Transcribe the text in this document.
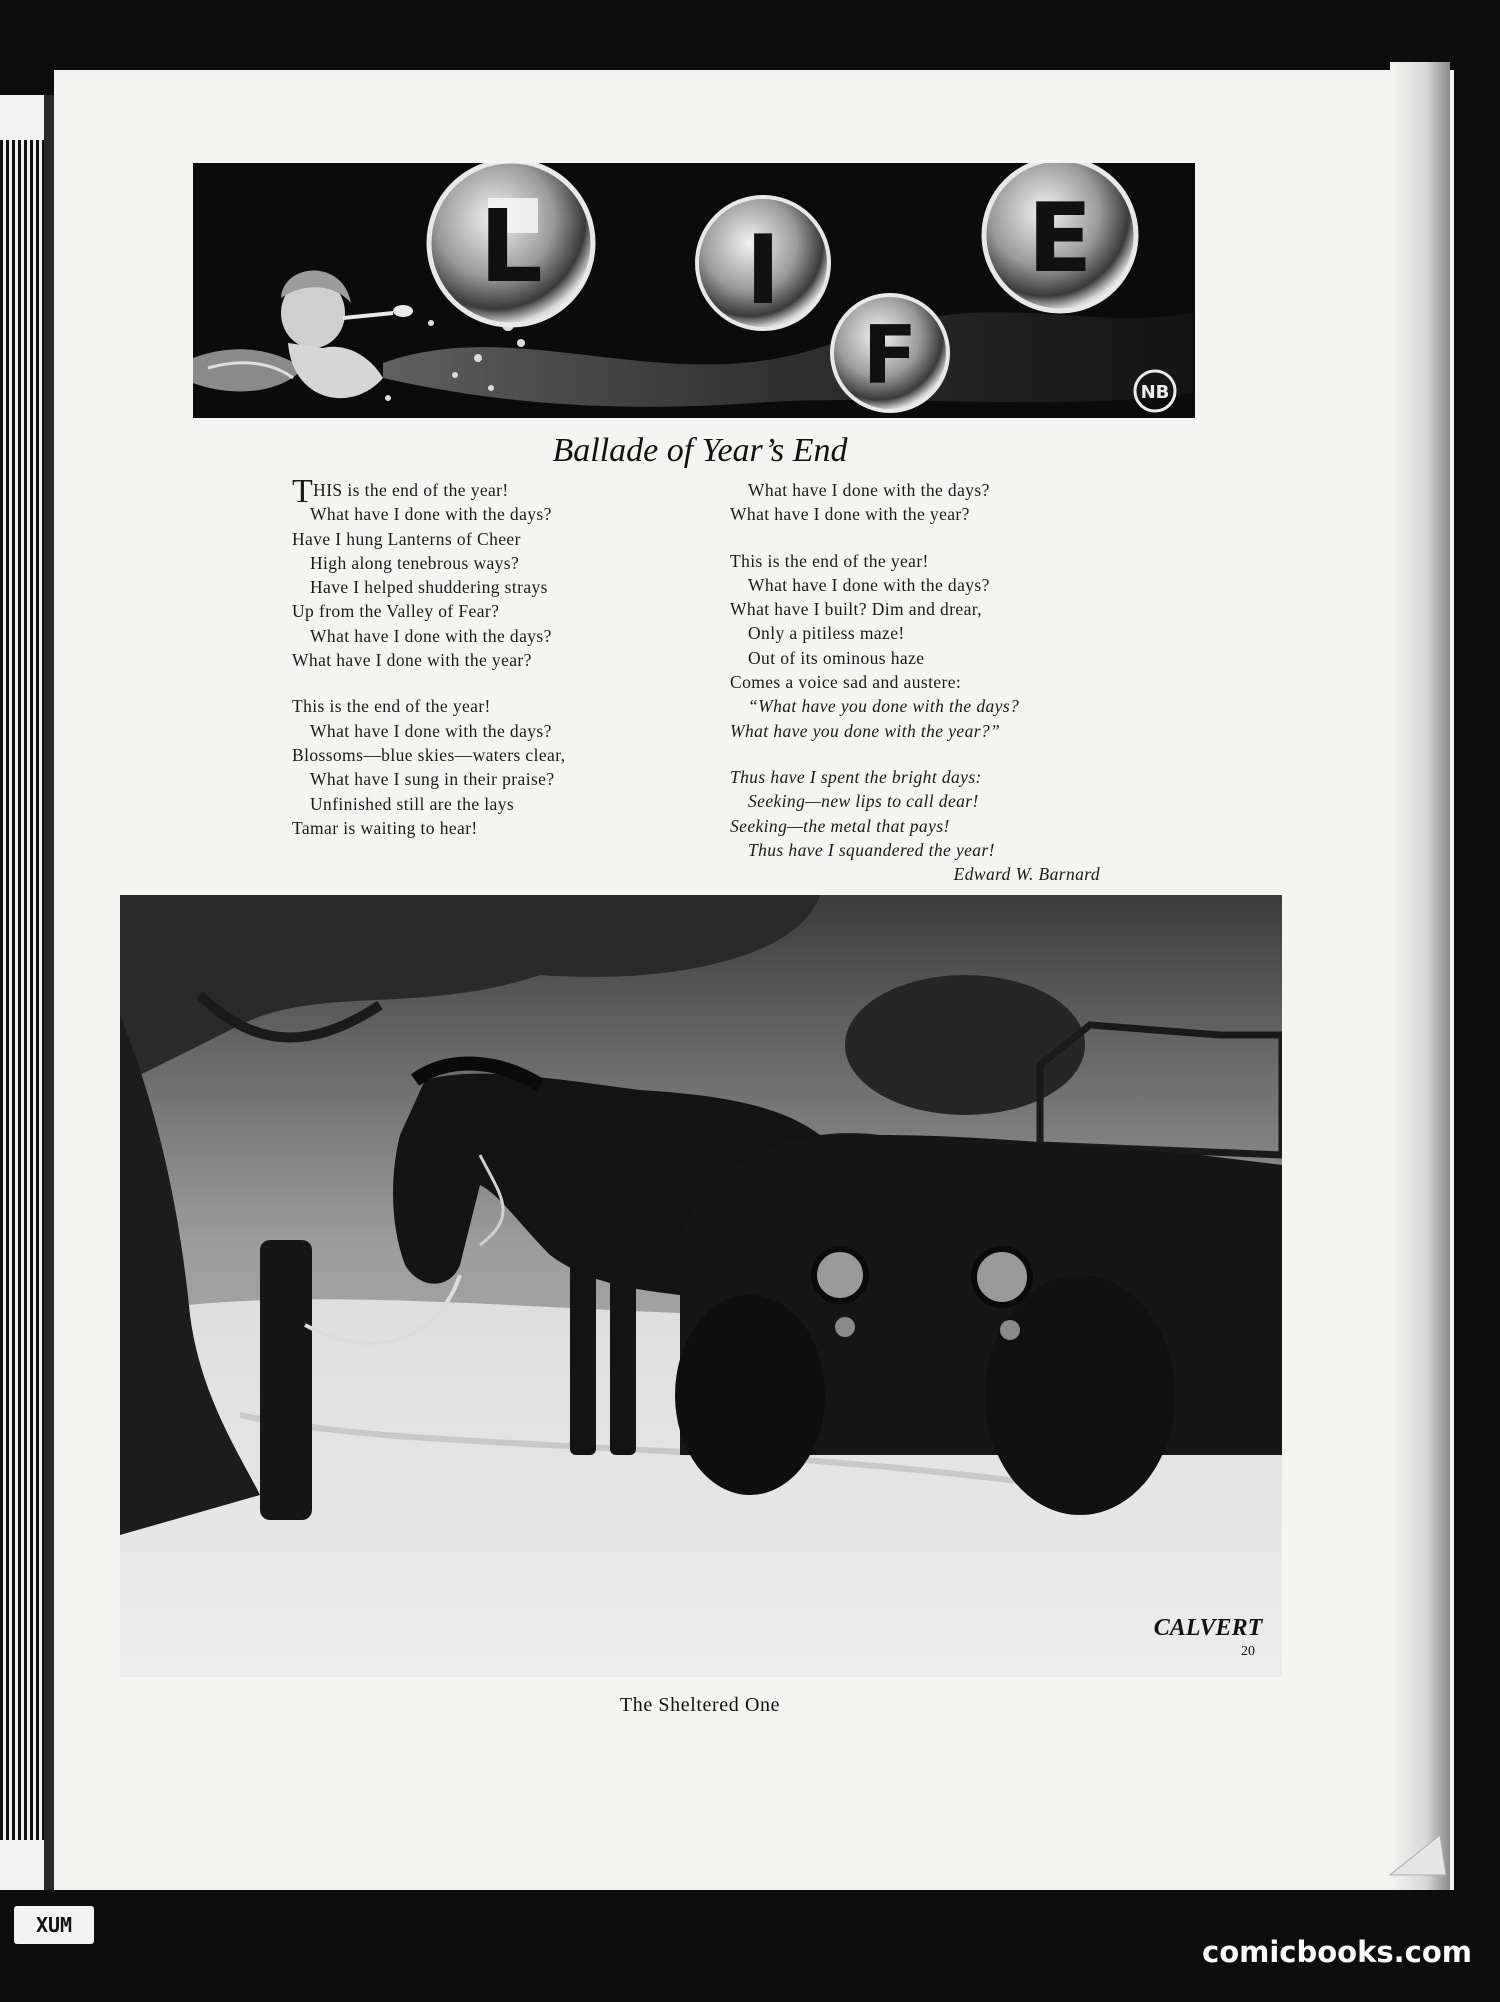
L I
F
E
NB
Ballade of Year’s End
THIS is the end of the year!
What have I done with the days?
Have I hung Lanterns of Cheer
High along tenebrous ways?
Have I helped shuddering strays
Up from the Valley of Fear?
What have I done with the days?
What have I done with the year?
This is the end of the year!
What have I done with the days?
Blossoms—blue skies—waters clear,
What have I sung in their praise?
Unfinished still are the lays
Tamar is waiting to hear!
What have I done with the days?
What have I done with the year?
This is the end of the year!
What have I done with the days?
What have I built? Dim and drear,
Only a pitiless maze!
Out of its ominous haze
Comes a voice sad and austere:
“What have you done with the days?
What have you done with the year?”
Thus have I spent the bright days:
Seeking—new lips to call dear!
Seeking—the metal that pays!
Thus have I squandered the year!
Edward W. Barnard
CALVERT
20
The Sheltered One
XUM
comicbooks.com
